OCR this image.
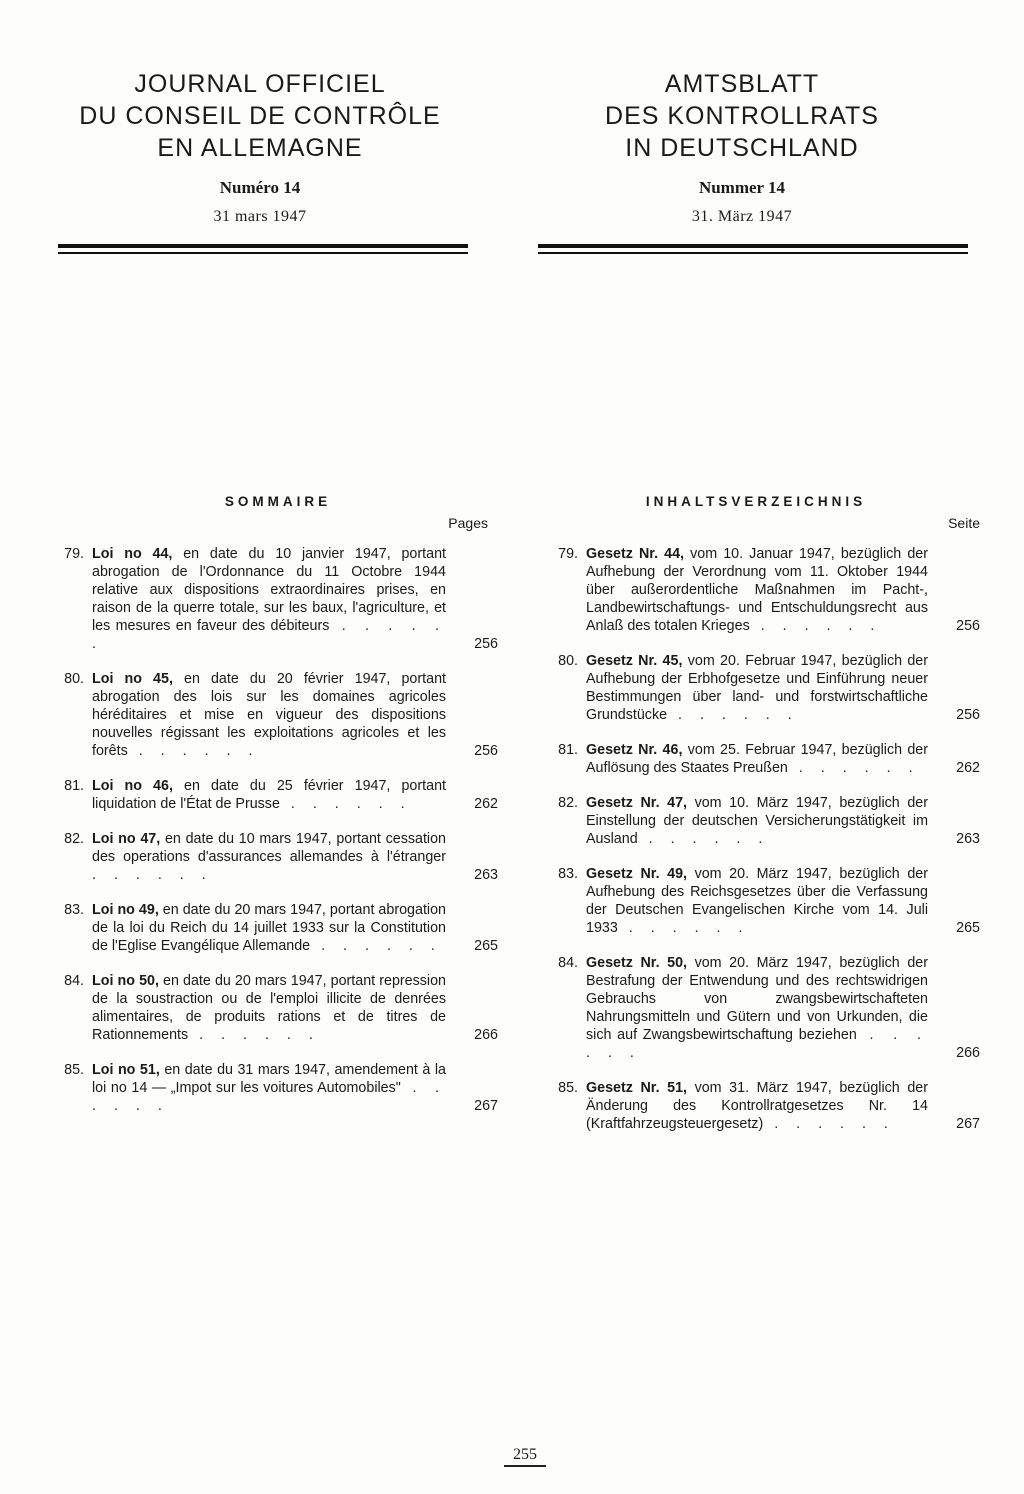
JOURNAL OFFICIEL
DU CONSEIL DE CONTRÔLE
EN ALLEMAGNE
Numéro 14
31 mars 1947
AMTSBLATT
DES KONTROLLRATS
IN DEUTSCHLAND
Nummer 14
31. März 1947
SOMMAIRE
Pages
79. Loi no 44, en date du 10 janvier 1947, portant abrogation de l'Ordonnance du 11 Octobre 1944 relative aux dispositions extraordinaires prises, en raison de la querre totale, sur les baux, l'agriculture, et les mesures en faveur des débiteurs . . . . . .	256
80. Loi no 45, en date du 20 février 1947, portant abrogation des lois sur les domaines agricoles héréditaires et mise en vigueur des dispositions nouvelles régissant les exploitations agricoles et les forêts . . . . . .	256
81. Loi no 46, en date du 25 février 1947, portant liquidation de l'État de Prusse . . . . . .	262
82. Loi no 47, en date du 10 mars 1947, portant cessation des operations d'assurances allemandes à l'étranger . . . . . .	263
83. Loi no 49, en date du 20 mars 1947, portant abrogation de la loi du Reich du 14 juillet 1933 sur la Constitution de l'Eglise Evangélique Allemande . . . . . .	265
84. Loi no 50, en date du 20 mars 1947, portant repression de la soustraction ou de l'emploi illicite de denrées alimentaires, de produits rations et de titres de Rationnements . . . . . .	266
85. Loi no 51, en date du 31 mars 1947, amendement à la loi no 14 — „Impot sur les voitures Automobiles" . . . . . .	267
INHALTSVERZEICHNIS
Seite
79. Gesetz Nr. 44, vom 10. Januar 1947, bezüglich der Aufhebung der Verordnung vom 11. Oktober 1944 über außerordentliche Maßnahmen im Pacht-, Landbewirtschaftungs- und Entschuldungsrecht aus Anlaß des totalen Krieges . . . . . .	256
80. Gesetz Nr. 45, vom 20. Februar 1947, bezüglich der Aufhebung der Erbhofgesetze und Einführung neuer Bestimmungen über land- und forstwirtschaftliche Grundstücke . . . . . .	256
81. Gesetz Nr. 46, vom 25. Februar 1947, bezüglich der Auflösung des Staates Preußen . . . . . .	262
82. Gesetz Nr. 47, vom 10. März 1947, bezüglich der Einstellung der deutschen Versicherungstätigkeit im Ausland . . . . . .	263
83. Gesetz Nr. 49, vom 20. März 1947, bezüglich der Aufhebung des Reichsgesetzes über die Verfassung der Deutschen Evangelischen Kirche vom 14. Juli 1933 . . . . . .	265
84. Gesetz Nr. 50, vom 20. März 1947, bezüglich der Bestrafung der Entwendung und des rechtswidrigen Gebrauchs von zwangsbewirtschafteten Nahrungsmitteln und Gütern und von Urkunden, die sich auf Zwangsbewirtschaftung beziehen . . . . . .	266
85. Gesetz Nr. 51, vom 31. März 1947, bezüglich der Änderung des Kontrollratgesetzes Nr. 14 (Kraftfahrzeugsteuergesetz) . . . . . .	267
255
